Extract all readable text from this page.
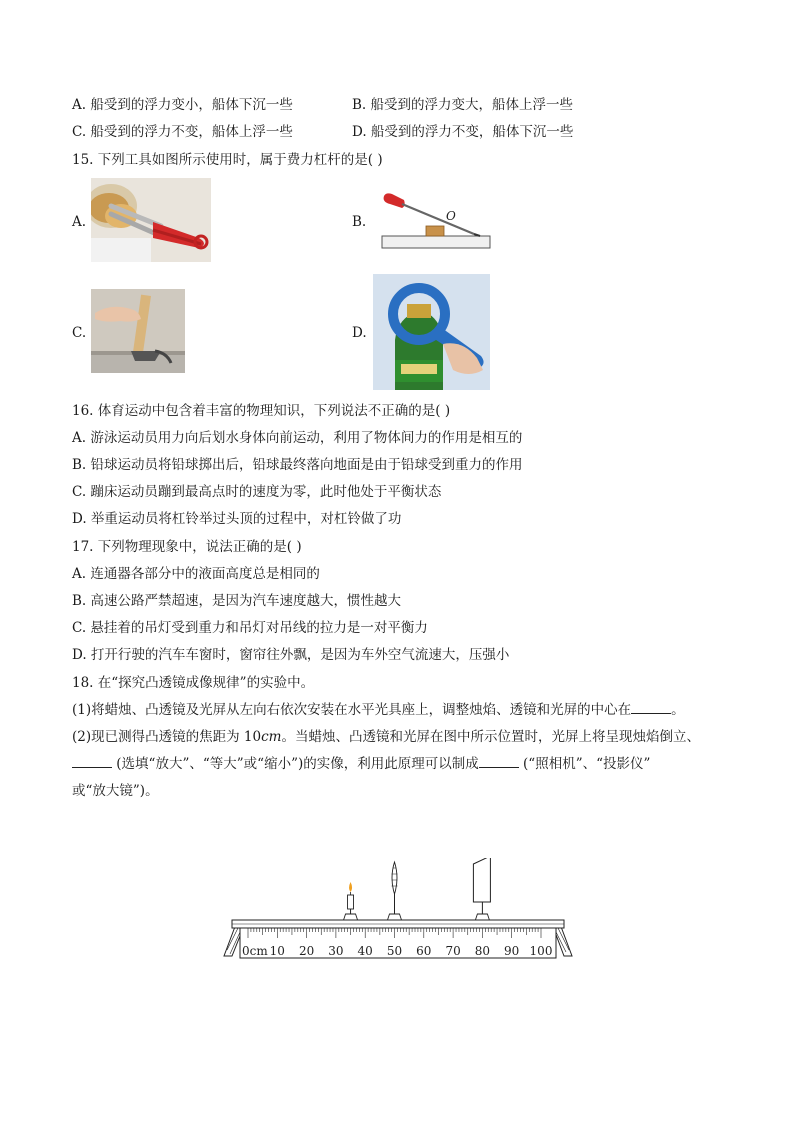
A. 船受到的浮力变小，船体下沉一些	B. 船受到的浮力变大，船体上浮一些
C. 船受到的浮力不变，船体上浮一些	D. 船受到的浮力不变，船体下沉一些
15. 下列工具如图所示使用时，属于费力杠杆的是( )
A.	B.	O
C.	D.
16. 体育运动中包含着丰富的物理知识，下列说法不正确的是( )
A. 游泳运动员用力向后划水身体向前运动，利用了物体间力的作用是相互的
B. 铅球运动员将铅球掷出后，铅球最终落向地面是由于铅球受到重力的作用
C. 蹦床运动员蹦到最高点时的速度为零，此时他处于平衡状态
D. 举重运动员将杠铃举过头顶的过程中，对杠铃做了功
17. 下列物理现象中，说法正确的是( )
A. 连通器各部分中的液面高度总是相同的
B. 高速公路严禁超速，是因为汽车速度越大，惯性越大
C. 悬挂着的吊灯受到重力和吊灯对吊线的拉力是一对平衡力
D. 打开行驶的汽车车窗时，窗帘往外飘，是因为车外空气流速大，压强小
18. 在“探究凸透镜成像规律”的实验中。
(1)将蜡烛、凸透镜及光屏从左向右依次安装在水平光具座上，调整烛焰、透镜和光屏的中心在	。
(2)现已测得凸透镜的焦距为 10cm。当蜡烛、凸透镜和光屏在图中所示位置时，光屏上将呈现烛焰倒立、
(选填“放大”、“等大”或“缩小”)的实像，利用此原理可以制成	(“照相机”、“投影仪”
或“放大镜”)。
0cm 10 20 30 40 50 60 70 80 90 100
